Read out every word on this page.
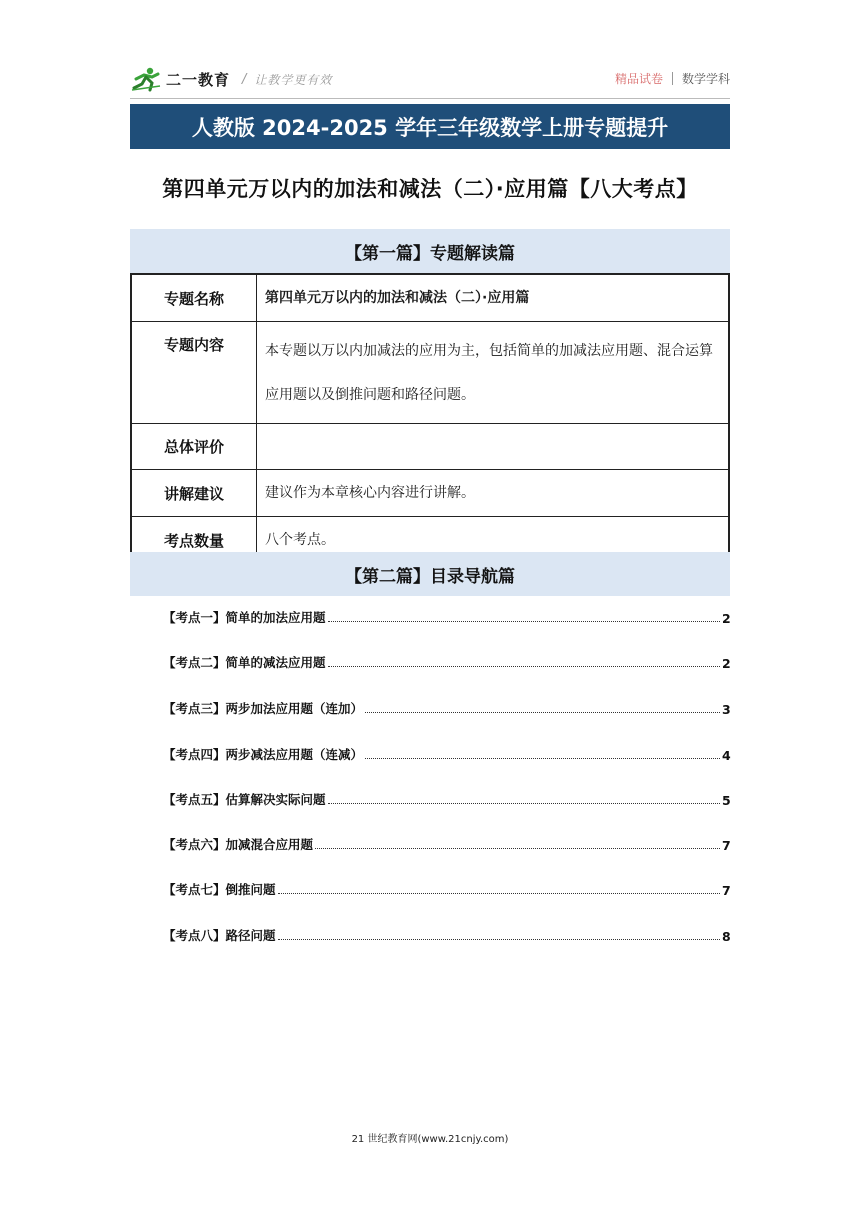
二一教育 / 让教学更有效	精品试卷 数学学科
人教版 2024-2025 学年三年级数学上册专题提升
第四单元万以内的加法和减法（二）·应用篇【八大考点】
【第一篇】专题解读篇
专题名称	第四单元万以内的加法和减法（二）·应用篇
专题内容	本专题以万以内加减法的应用为主，包括简单的加减法应用题、混合运算应用题以及倒推问题和路径问题。
总体评价	
讲解建议	建议作为本章核心内容进行讲解。
考点数量	八个考点。
【第二篇】目录导航篇
【考点一】简单的加法应用题	2
【考点二】简单的减法应用题	2
【考点三】两步加法应用题（连加）	3
【考点四】两步减法应用题（连减）	4
【考点五】估算解决实际问题	5
【考点六】加减混合应用题	7
【考点七】倒推问题	7
【考点八】路径问题	8
21 世纪教育网(www.21cnjy.com)
